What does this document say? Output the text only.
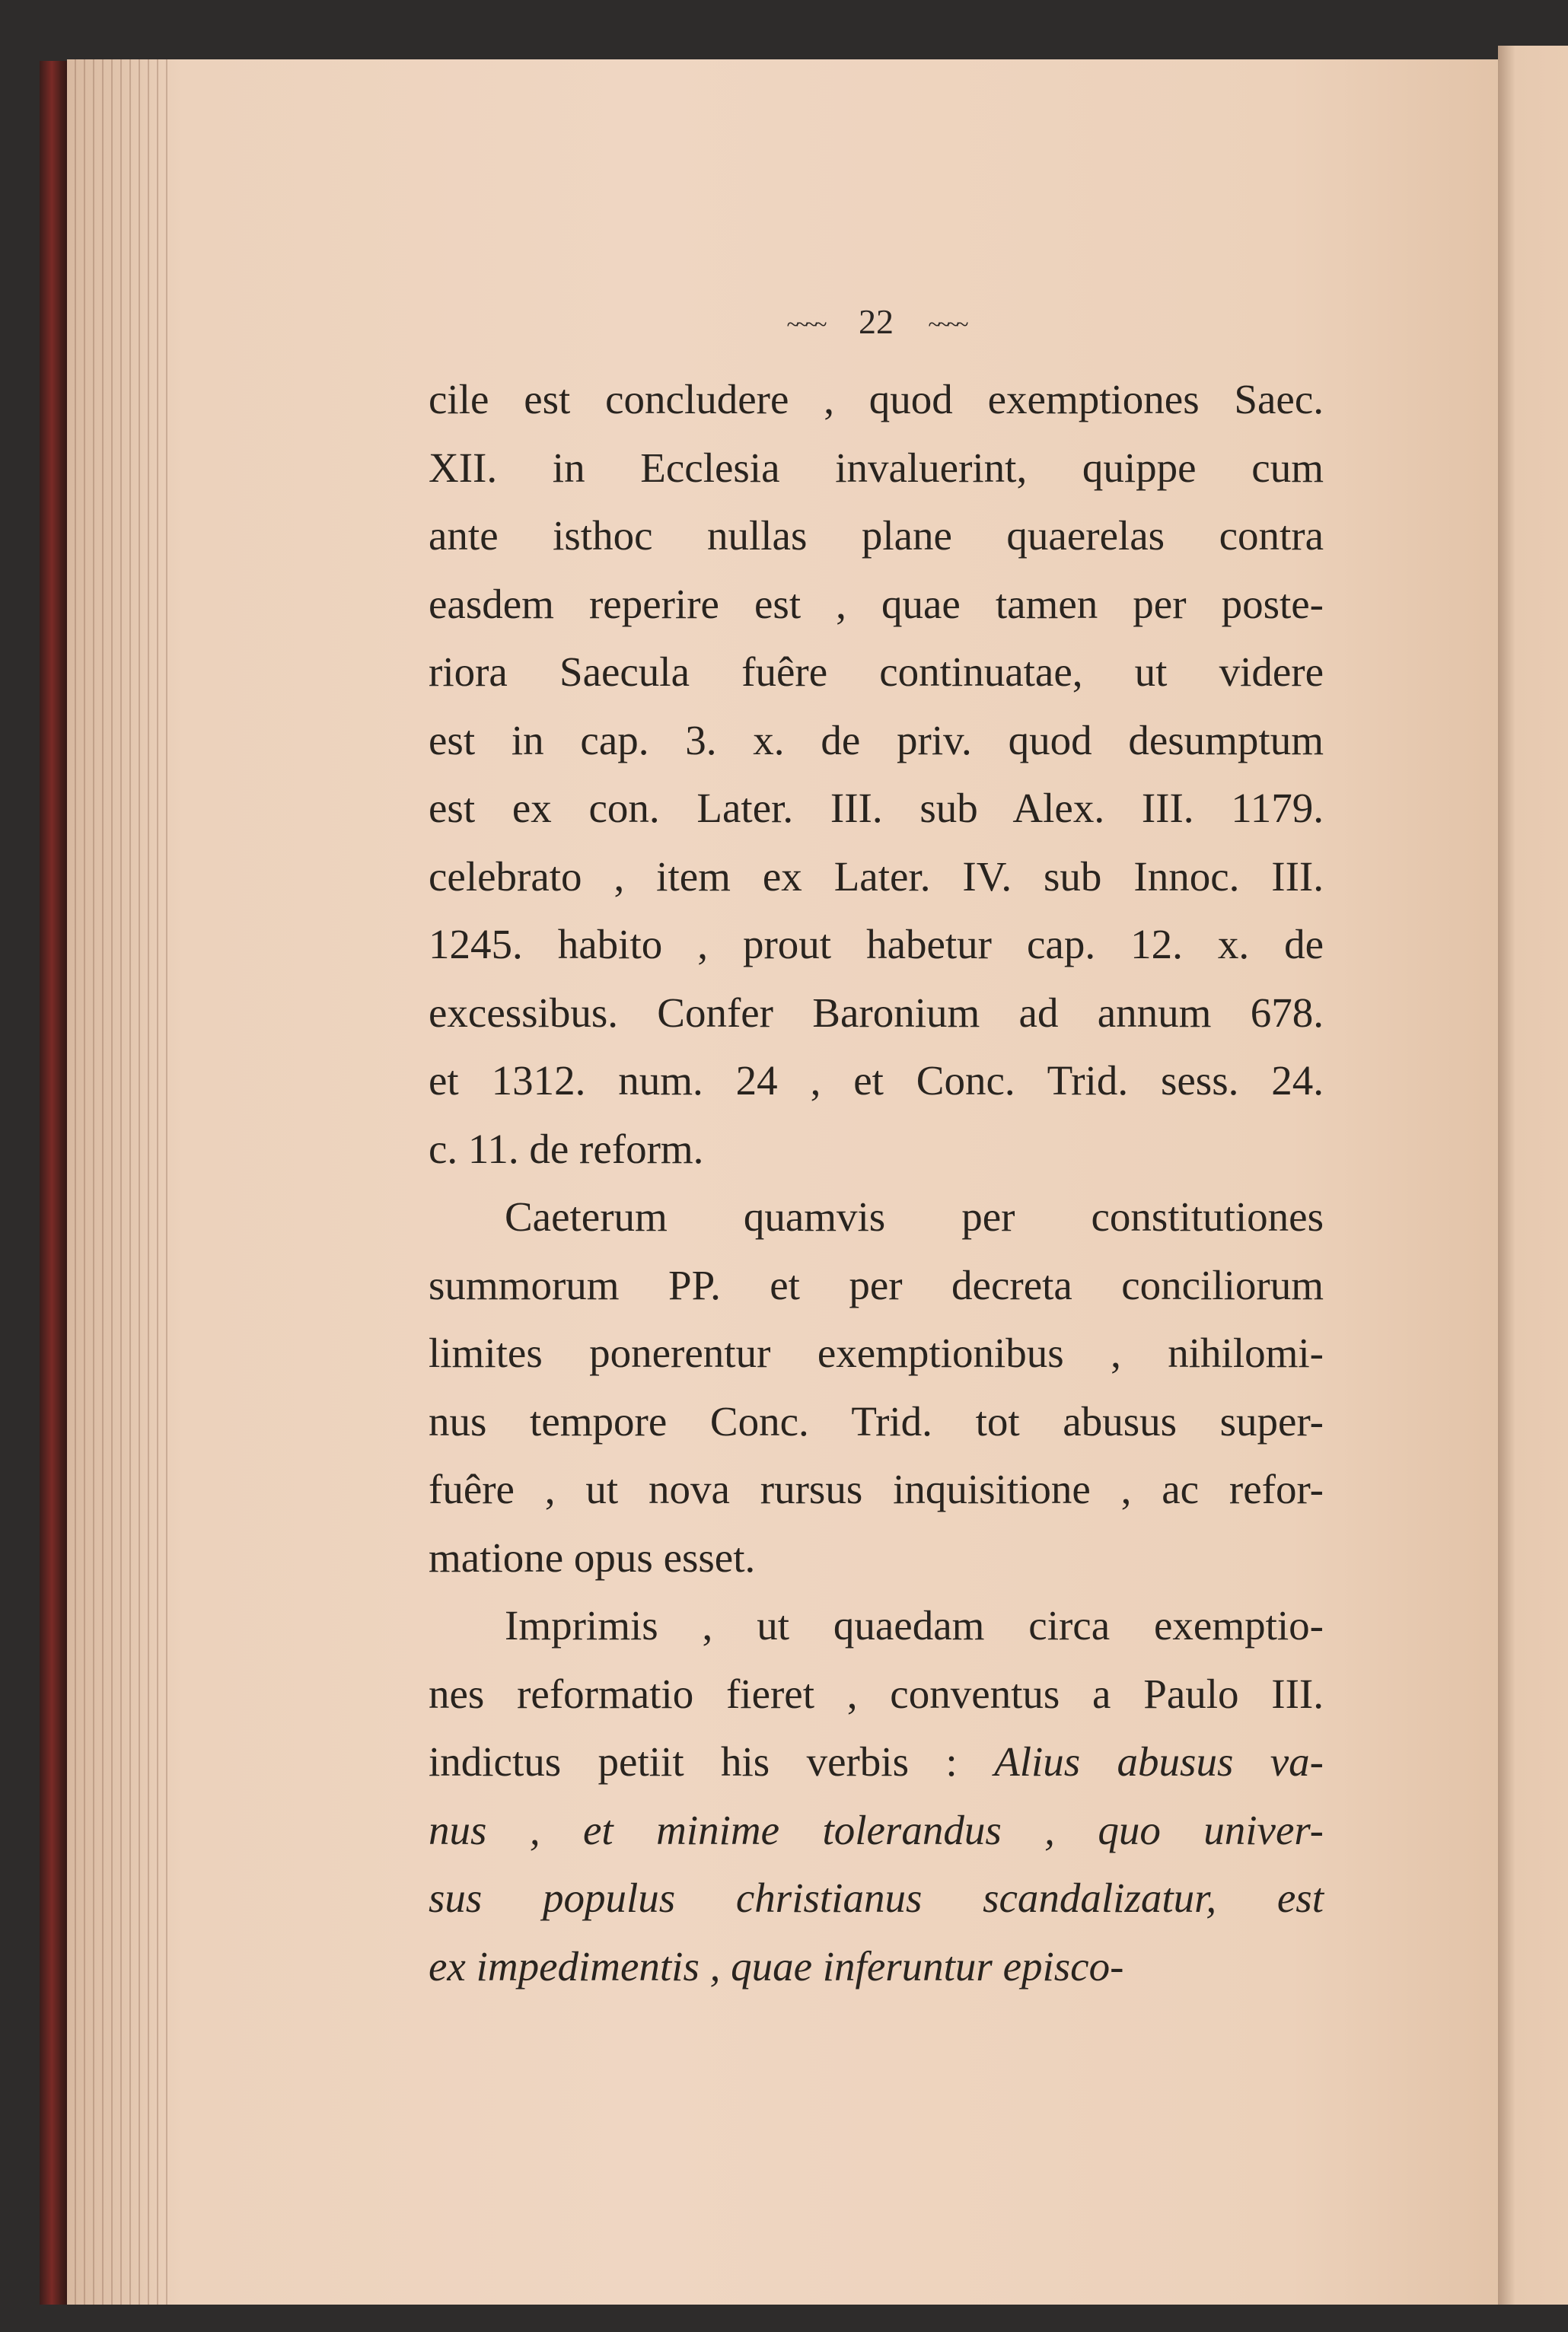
~~~~ 22 ~~~~
cile est concludere , quod exemptiones Saec.
XII. in Ecclesia invaluerint, quippe cum
ante isthoc nullas plane quaerelas contra
easdem reperire est , quae tamen per poste-
riora Saecula fuêre continuatae, ut videre
est in cap. 3. x. de priv. quod desumptum
est ex con. Later. III. sub Alex. III. 1179.
celebrato , item ex Later. IV. sub Innoc. III.
1245. habito , prout habetur cap. 12. x. de
excessibus. Confer Baronium ad annum 678.
et 1312. num. 24 , et Conc. Trid. sess. 24.
c. 11. de reform.
Caeterum quamvis per constitutiones
summorum PP. et per decreta conciliorum
limites ponerentur exemptionibus , nihilomi-
nus tempore Conc. Trid. tot abusus super-
fuêre , ut nova rursus inquisitione , ac refor-
matione opus esset.
Imprimis , ut quaedam circa exemptio-
nes reformatio fieret , conventus a Paulo III.
indictus petiit his verbis : Alius abusus va-
nus , et minime tolerandus , quo univer-
sus populus christianus scandalizatur, est
ex impedimentis , quae inferuntur episco-
